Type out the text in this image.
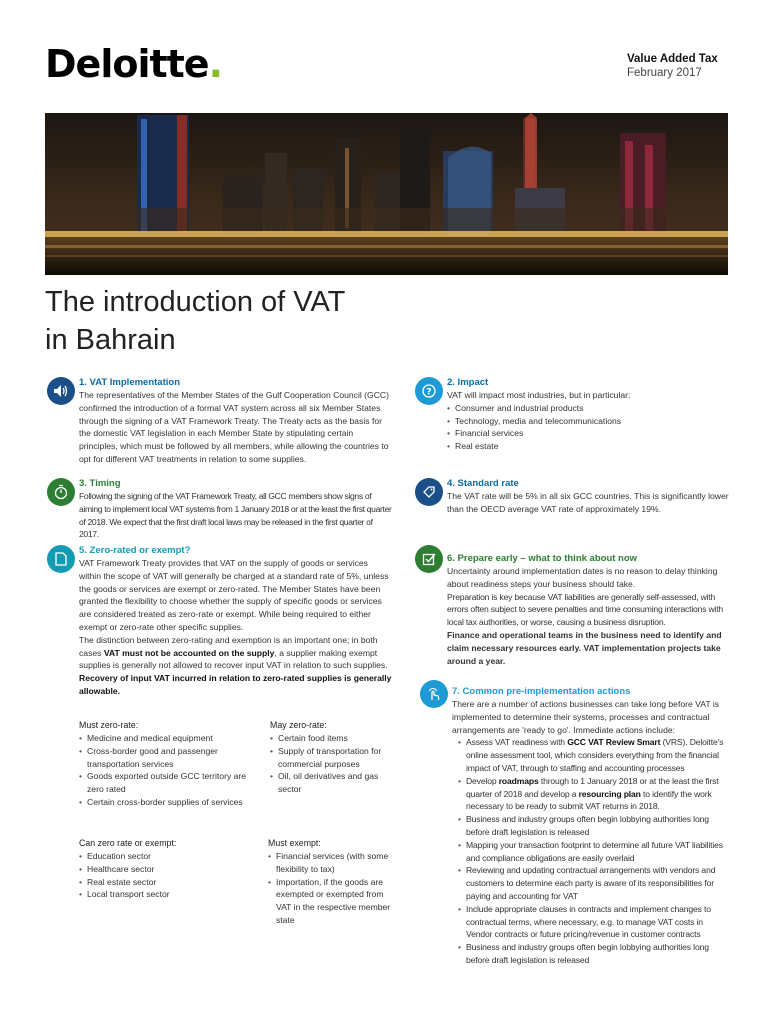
Deloitte.	Value Added Tax
February 2017
The introduction of VAT
in Bahrain
1. VAT Implementation

The representatives of the Member States of the Gulf Cooperation Council (GCC) confirmed the introduction of a formal VAT system across all six Member States through the signing of a VAT Framework Treaty. The Treaty acts as the basis for the domestic VAT legislation in each Member State by stipulating certain principles, which must be followed by all members, while allowing the countries to opt for different VAT treatments in relation to some supplies.

?
2. Impact

VAT will impact most industries, but in particular:

• Consumer and industrial products
• Technology, media and telecommunications
• Financial services
• Real estate
3. Timing

Following the signing of the VAT Framework Treaty, all GCC members show signs of aiming to implement local VAT systems from 1 January 2018 or at the least the first quarter of 2018. We expect that the first draft local laws may be released in the first quarter of 2017.

4. Standard rate

The VAT rate will be 5% in all six GCC countries. This is significantly lower than the OECD average VAT rate of approximately 19%.

5. Zero-rated or exempt?

VAT Framework Treaty provides that VAT on the supply of goods or services within the scope of VAT will generally be charged at a standard rate of 5%, unless the goods or services are exempt or zero-rated. The Member States have been granted the flexibility to choose whether the supply of specific goods or services are considered treated as zero-rate or exempt. While being required to either exempt or zero-rate other specific supplies.

The distinction between zero-rating and exemption is an important one; in both cases VAT must not be accounted on the supply, a supplier making exempt supplies is generally not allowed to recover input VAT in relation to such supplies. Recovery of input VAT incurred in relation to zero-rated supplies is generally allowable.

Must zero-rate:
• Medicine and medical equipment
• Cross-border good and passenger transportation services
• Goods exported outside GCC territory are zero rated
• Certain cross-border supplies of services
May zero-rate:
• Certain food items
• Supply of transportation for commercial purposes
• Oil, oil derivatives and gas sector
Can zero rate or exempt:
• Education sector
• Healthcare sector
• Real estate sector
• Local transport sector
Must exempt:
• Financial services (with some flexibility to tax)
• Importation, if the goods are exempted or exempted from VAT in the respective member state
6. Prepare early – what to think about now

Uncertainty around implementation dates is no reason to delay thinking about readiness steps your business should take.

Preparation is key because VAT liabilities are generally self-assessed, with errors often subject to severe penalties and time consuming interactions with local tax authorities, or worse, causing a business disruption.

Finance and operational teams in the business need to identify and claim necessary resources early. VAT implementation projects take around a year.

7. Common pre-implementation actions

There are a number of actions businesses can take long before VAT is implemented to determine their systems, processes and contractual arrangements are 'ready to go'. Immediate actions include:

• Assess VAT readiness with GCC VAT Review Smart (VRS), Deloitte's online assessment tool, which considers everything from the financial impact of VAT, through to staffing and accounting processes
• Develop roadmaps through to 1 January 2018 or at the least the first quarter of 2018 and develop a resourcing plan to identify the work necessary to be ready to submit VAT returns in 2018.
• Business and industry groups often begin lobbying authorities long before draft legislation is released
• Mapping your transaction footprint to determine all future VAT liabilities and compliance obligations are easily overlaid
• Reviewing and updating contractual arrangements with vendors and customers to determine each party is aware of its responsibilities for paying and accounting for VAT
• Include appropriate clauses in contracts and implement changes to contractual terms, where necessary, e.g. to manage VAT costs in Vendor contracts or future pricing/revenue in customer contracts
• Business and industry groups often begin lobbying authorities long before draft legislation is released
